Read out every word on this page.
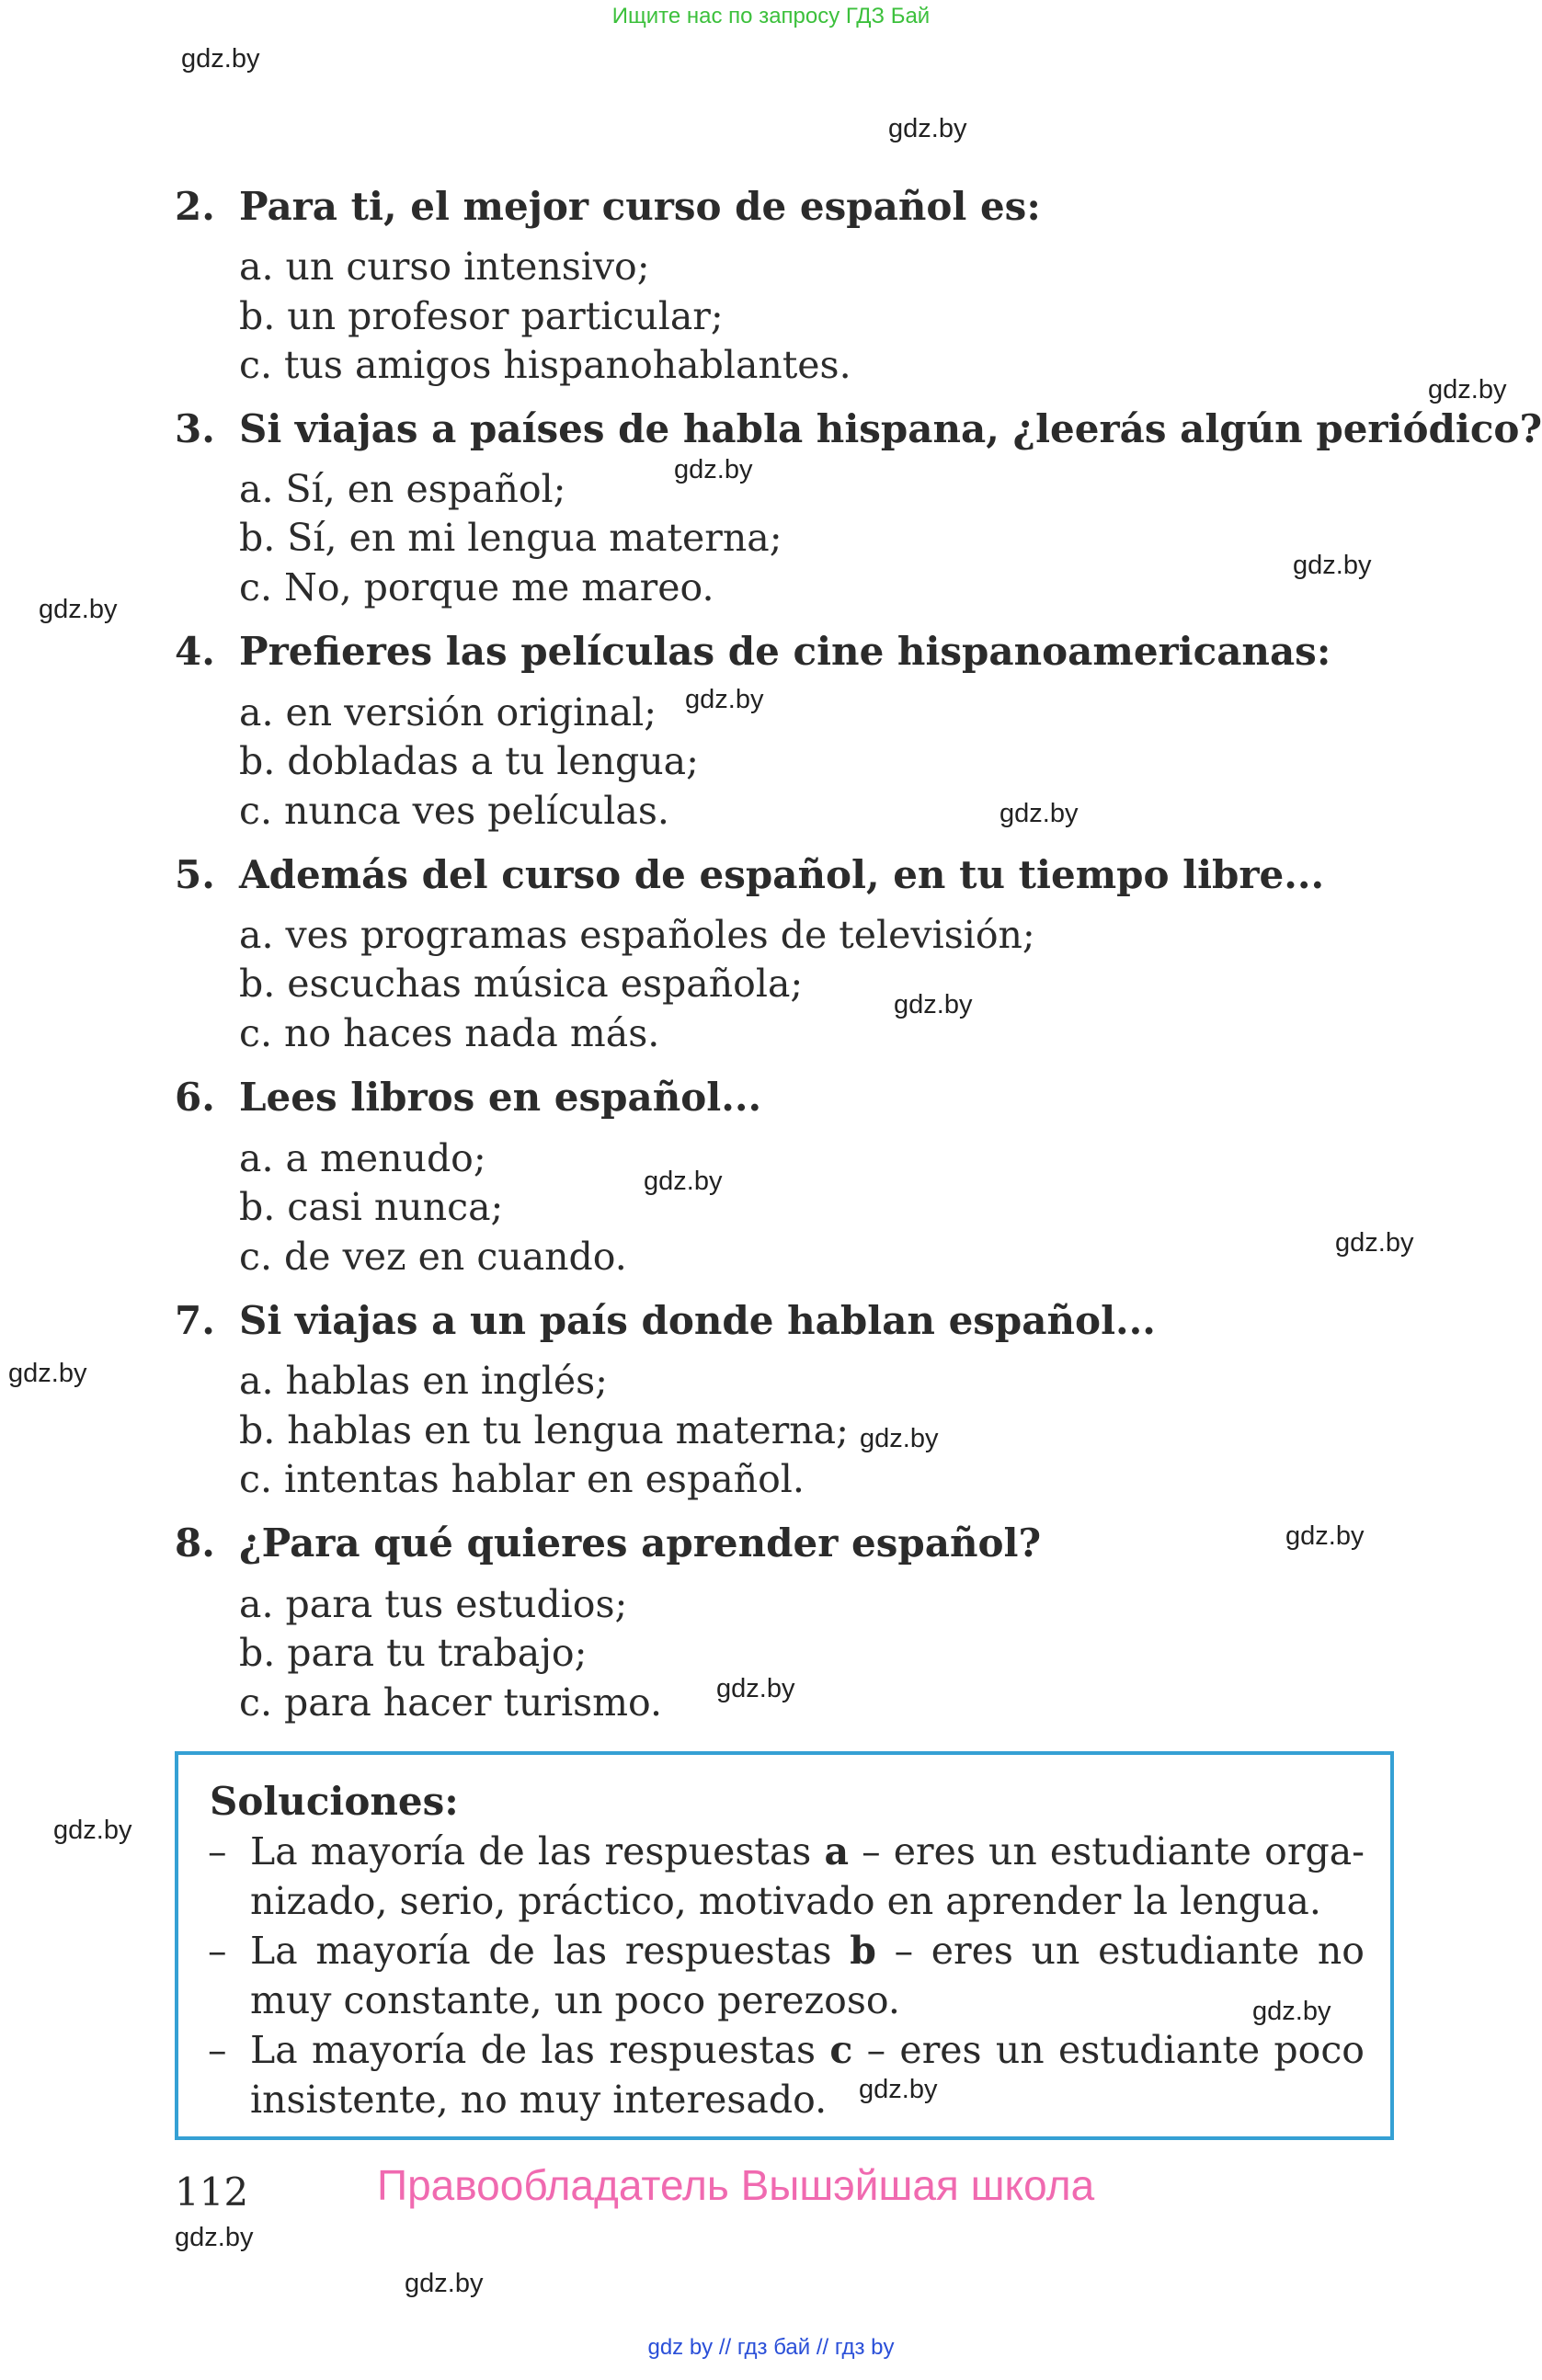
Ищите нас по запросу ГДЗ Бай
gdz.by
gdz.by
gdz.by
gdz.by
gdz.by
gdz.by
gdz.by
gdz.by
gdz.by
gdz.by
gdz.by
gdz.by
gdz.by
gdz.by
gdz.by
gdz.by
gdz.by
gdz.by
gdz.by
gdz.by
2. Para ti, el mejor curso de español es:
a. un curso intensivo;
b. un profesor particular;
c. tus amigos hispanohablantes.
3. Si viajas a países de habla hispana, ¿leerás algún periódico?
a. Sí, en español;
b. Sí, en mi lengua materna;
c. No, porque me mareo.
4. Prefieres las películas de cine hispanoamericanas:
a. en versión original;
b. dobladas a tu lengua;
c. nunca ves películas.
5. Además del curso de español, en tu tiempo libre...
a. ves programas españoles de televisión;
b. escuchas música española;
c. no haces nada más.
6. Lees libros en español...
a. a menudo;
b. casi nunca;
c. de vez en cuando.
7. Si viajas a un país donde hablan español...
a. hablas en inglés;
b. hablas en tu lengua materna;
c. intentas hablar en español.
8. ¿Para qué quieres aprender español?
a. para tus estudios;
b. para tu trabajo;
c. para hacer turismo.
Soluciones:
– La mayoría de las respuestas a – eres un estudiante orga-
nizado, serio, práctico, motivado en aprender la lengua.
– La mayoría de las respuestas b – eres un estudiante no
muy constante, un poco perezoso.
– La mayoría de las respuestas c – eres un estudiante poco
insistente, no muy interesado.
112	Правообладатель Вышэйшая школа
gdz by // гдз бай // гдз by
